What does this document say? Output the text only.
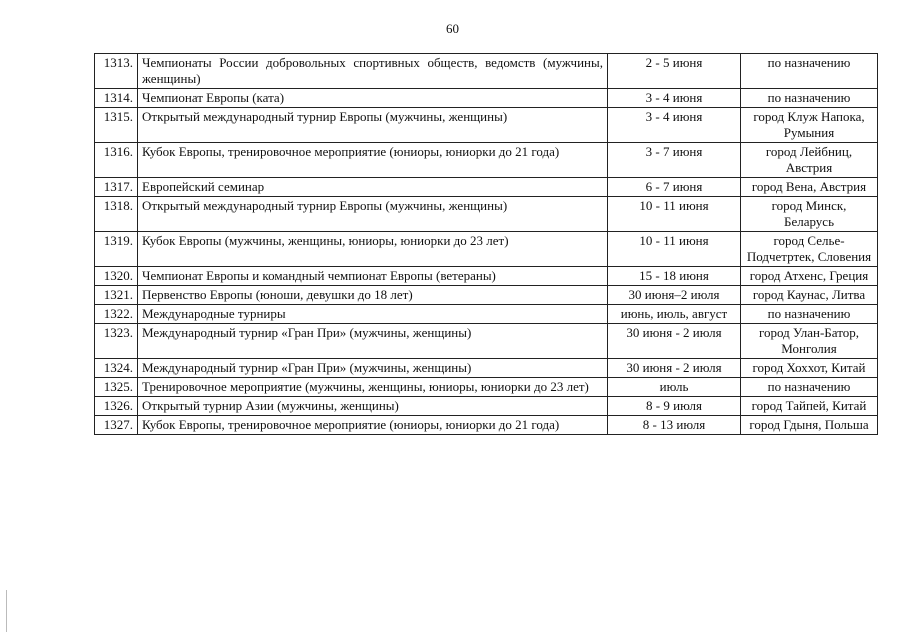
60
1313.	Чемпионаты России добровольных спортивных обществ, ведомств (мужчины, женщины)	2 - 5 июня	по назначению
1314.	Чемпионат Европы (ката)	3 - 4 июня	по назначению
1315.	Открытый международный турнир Европы (мужчины, женщины)	3 - 4 июня	город Клуж Напока, Румыния
1316.	Кубок Европы, тренировочное мероприятие (юниоры, юниорки до 21 года)	3 - 7 июня	город Лейбниц, Австрия
1317.	Европейский семинар	6 - 7 июня	город Вена, Австрия
1318.	Открытый международный турнир Европы (мужчины, женщины)	10 - 11 июня	город Минск, Беларусь
1319.	Кубок Европы (мужчины, женщины, юниоры, юниорки до 23 лет)	10 - 11 июня	город Селье-Подчетртек, Словения
1320.	Чемпионат Европы и командный чемпионат Европы (ветераны)	15 - 18 июня	город Атхенс, Греция
1321.	Первенство Европы (юноши, девушки до 18 лет)	30 июня–2 июля	город Каунас, Литва
1322.	Международные турниры	июнь, июль, август	по назначению
1323.	Международный турнир «Гран При» (мужчины, женщины)	30 июня - 2 июля	город Улан-Батор, Монголия
1324.	Международный турнир «Гран При» (мужчины, женщины)	30 июня - 2 июля	город Хоххот, Китай
1325.	Тренировочное мероприятие (мужчины, женщины, юниоры, юниорки до 23 лет)	июль	по назначению
1326.	Открытый турнир Азии (мужчины, женщины)	8 - 9 июля	город Тайпей, Китай
1327.	Кубок Европы, тренировочное мероприятие (юниоры, юниорки до 21 года)	8 - 13 июля	город Гдыня, Польша
